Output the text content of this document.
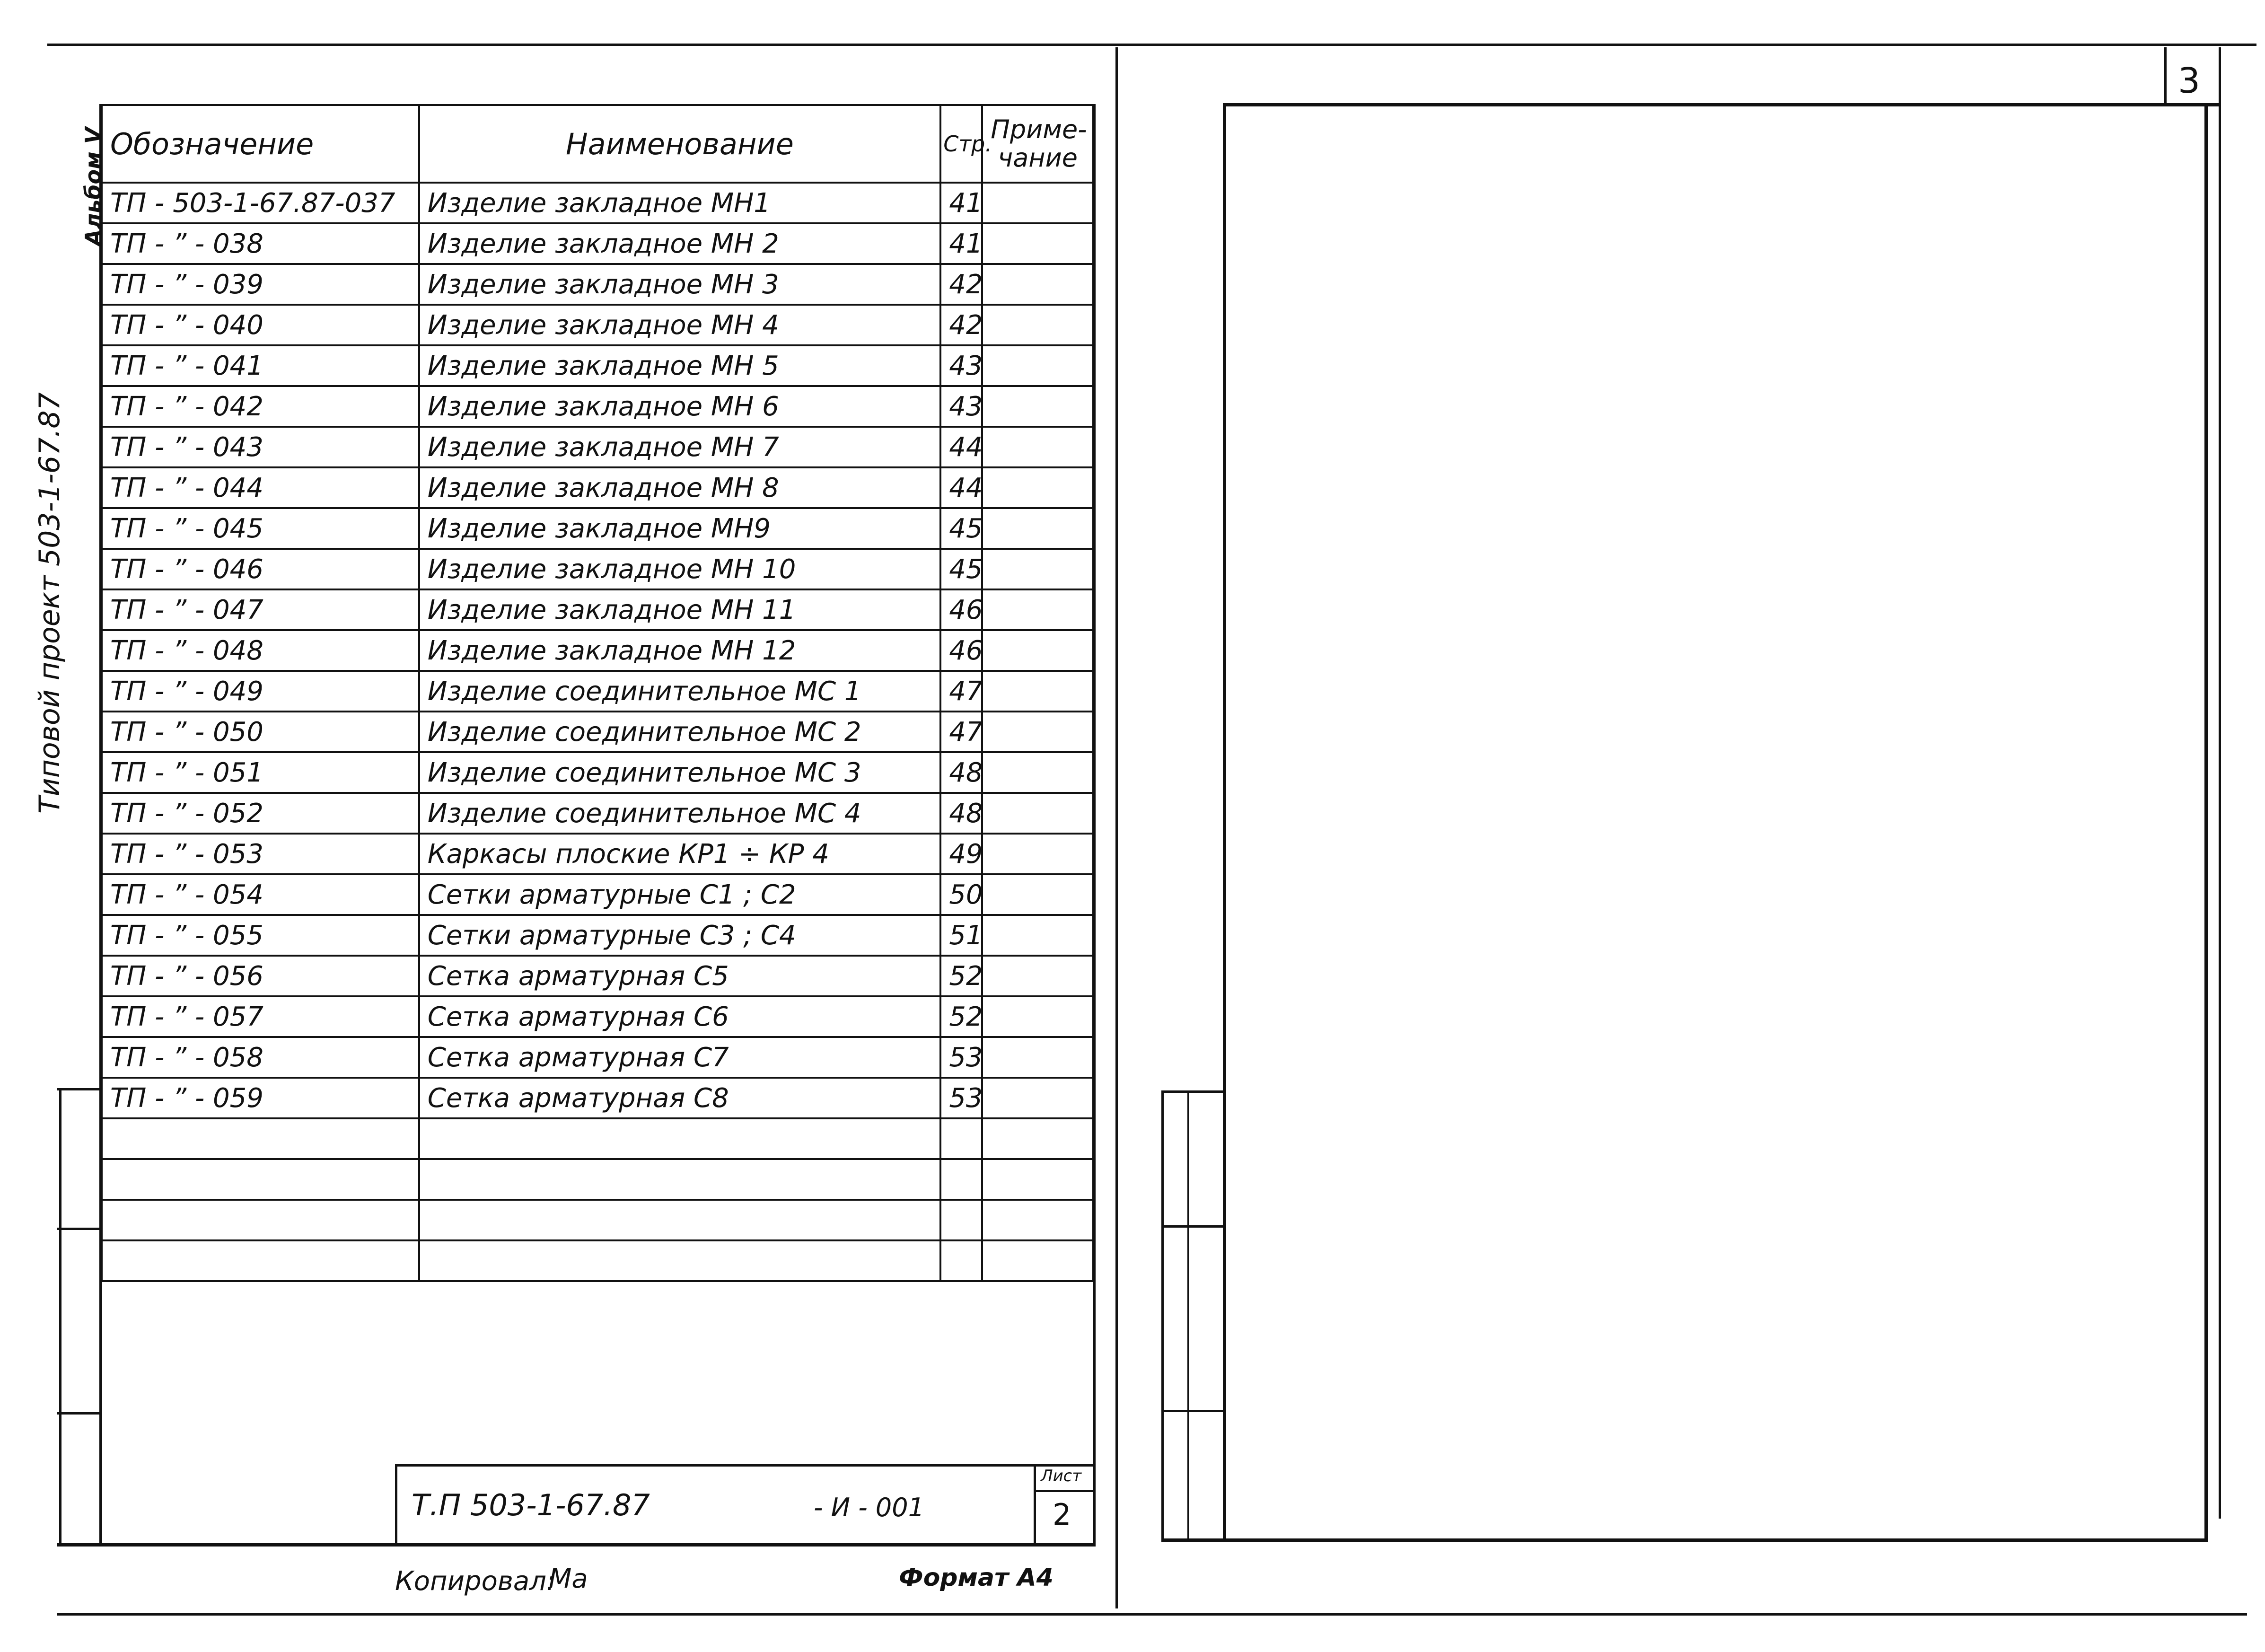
Типовой проект 503-1-67.87
Альбом V Обозначение	Наименование	Стр.	Приме- чание
ТП - 503-1-67.87-037	Изделие закладное МН1	41	
ТП - ” - 038	Изделие закладное МН 2	41	
ТП - ” - 039	Изделие закладное МН 3	42	
ТП - ” - 040	Изделие закладное МН 4	42	
ТП - ” - 041	Изделие закладное МН 5	43	
ТП - ” - 042	Изделие закладное МН 6	43	
ТП - ” - 043	Изделие закладное МН 7	44	
ТП - ” - 044	Изделие закладное МН 8	44	
ТП - ” - 045	Изделие закладное МН9	45	
ТП - ” - 046	Изделие закладное МН 10	45	
ТП - ” - 047	Изделие закладное МН 11	46	
ТП - ” - 048	Изделие закладное МН 12	46	
ТП - ” - 049	Изделие соединительное МС 1	47	
ТП - ” - 050	Изделие соединительное МС 2	47	
ТП - ” - 051	Изделие соединительное МС 3	48	
ТП - ” - 052	Изделие соединительное МС 4	48	
ТП - ” - 053	Каркасы плоские КР1 ÷ КР 4	49	
ТП - ” - 054	Сетки арматурные С1 ; С2	50	
ТП - ” - 055	Сетки арматурные С3 ; С4	51	
ТП - ” - 056	Сетка арматурная С5	52	
ТП - ” - 057	Сетка арматурная С6	52	
ТП - ” - 058	Сетка арматурная С7	53	
ТП - ” - 059	Сетка арматурная С8	53	

Т.П 503-1-67.87	- И - 001
Лист
2
Копировал:
Ма	Формат А4
3
